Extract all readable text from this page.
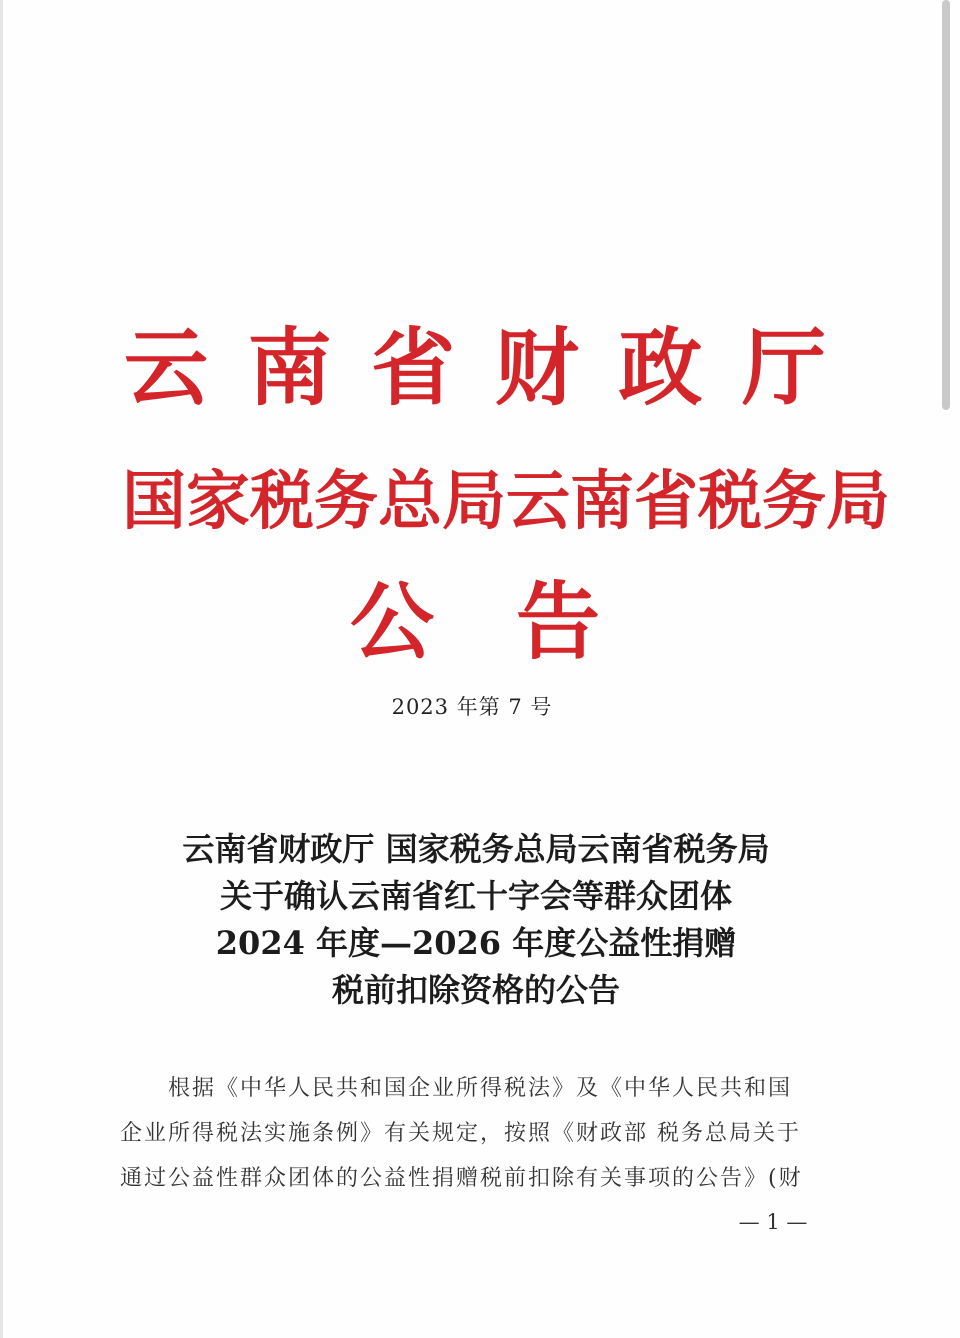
云 南 省 财 政 厅
国家税务总局云南省税务局
公 告
2023 年第 7 号
云南省财政厅 国家税务总局云南省税务局
关于确认云南省红十字会等群众团体
2024 年度—2026 年度公益性捐赠
税前扣除资格的公告
根据《中华人民共和国企业所得税法》及《中华人民共和国
企业所得税法实施条例》有关规定，按照《财政部 税务总局关于
通过公益性群众团体的公益性捐赠税前扣除有关事项的公告》(财
— 1 —
